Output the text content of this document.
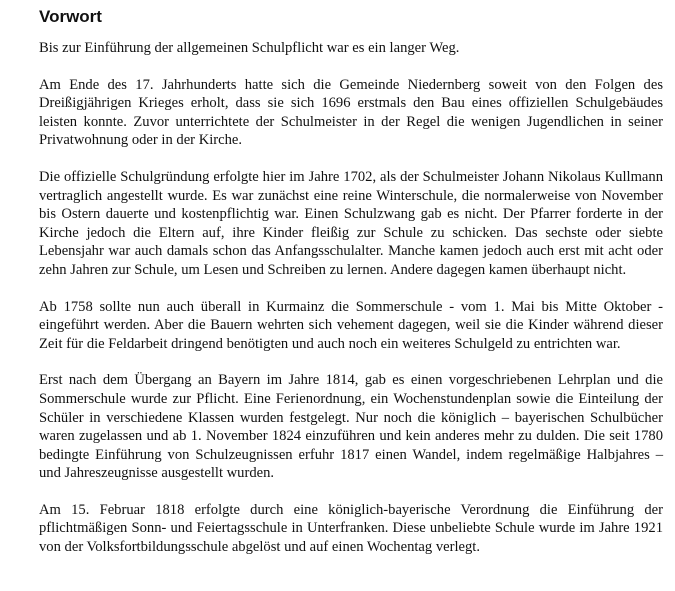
Vorwort

Bis zur Einführung der allgemeinen Schulpflicht war es ein langer Weg.

Am Ende des 17. Jahrhunderts hatte sich die Gemeinde Niedernberg soweit von den Folgen des Dreißigjährigen Krieges erholt, dass sie sich 1696 erstmals den Bau eines offiziellen Schulgebäudes leisten konnte. Zuvor unterrichtete der Schulmeister in der Regel die wenigen Jugendlichen in seiner Privatwohnung oder in der Kirche.

Die offizielle Schulgründung erfolgte hier im Jahre 1702, als der Schulmeister Johann Nikolaus Kullmann vertraglich angestellt wurde. Es war zunächst eine reine Winterschule, die normalerweise von November bis Ostern dauerte und kostenpflichtig war. Einen Schulzwang gab es nicht. Der Pfarrer forderte in der Kirche jedoch die Eltern auf, ihre Kinder fleißig zur Schule zu schicken. Das sechste oder siebte Lebensjahr war auch damals schon das Anfangsschulalter. Manche kamen jedoch auch erst mit acht oder zehn Jahren zur Schule, um Lesen und Schreiben zu lernen. Andere dagegen kamen überhaupt nicht.

Ab 1758 sollte nun auch überall in Kurmainz die Sommerschule - vom 1. Mai bis Mitte Oktober - eingeführt werden. Aber die Bauern wehrten sich vehement dagegen, weil sie die Kinder während dieser Zeit für die Feldarbeit dringend benötigten und auch noch ein weiteres Schulgeld zu entrichten war.

Erst nach dem Übergang an Bayern im Jahre 1814, gab es einen vorgeschriebenen Lehrplan und die Sommerschule wurde zur Pflicht. Eine Ferienordnung, ein Wochenstundenplan sowie die Einteilung der Schüler in verschiedene Klassen wurden festgelegt. Nur noch die königlich – bayerischen Schulbücher waren zugelassen und ab 1. November 1824 einzuführen und kein anderes mehr zu dulden. Die seit 1780 bedingte Einführung von Schulzeugnissen erfuhr 1817 einen Wandel, indem regelmäßige Halbjahres – und Jahreszeugnisse ausgestellt wurden.

Am 15. Februar 1818 erfolgte durch eine königlich-bayerische Verordnung die Einführung der pflichtmäßigen Sonn- und Feiertagsschule in Unterfranken. Diese unbeliebte Schule wurde im Jahre 1921 von der Volksfortbildungsschule abgelöst und auf einen Wochentag verlegt.
